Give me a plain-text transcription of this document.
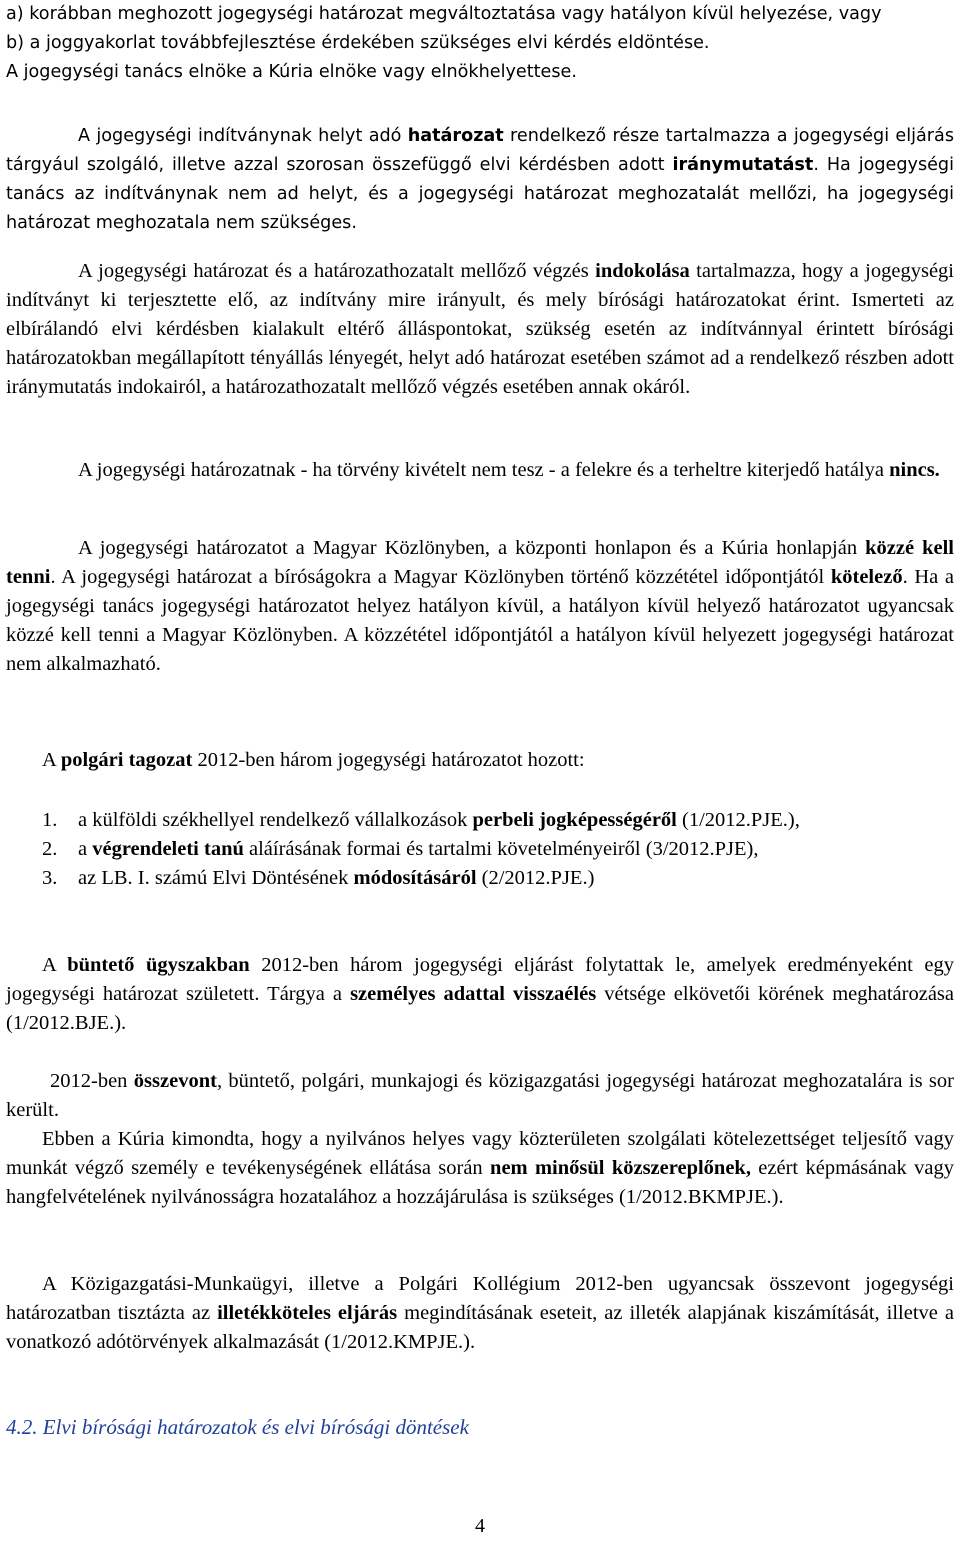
a) korábban meghozott jogegységi határozat megváltoztatása vagy hatályon kívül helyezése, vagy

b) a joggyakorlat továbbfejlesztése érdekében szükséges elvi kérdés eldöntése.

A jogegységi tanács elnöke a Kúria elnöke vagy elnökhelyettese.

A jogegységi indítványnak helyt adó határozat rendelkező része tartalmazza a jogegységi eljárás tárgyául szolgáló, illetve azzal szorosan összefüggő elvi kérdésben adott iránymutatást. Ha jogegységi tanács az indítványnak nem ad helyt, és a jogegységi határozat meghozatalát mellőzi, ha jogegységi határozat meghozatala nem szükséges.
A jogegységi határozat és a határozathozatalt mellőző végzés indokolása tartalmazza, hogy a jogegységi indítványt ki terjesztette elő, az indítvány mire irányult, és mely bírósági határozatokat érint. Ismerteti az elbírálandó elvi kérdésben kialakult eltérő álláspontokat, szükség esetén az indítvánnyal érintett bírósági határozatokban megállapított tényállás lényegét, helyt adó határozat esetében számot ad a rendelkező részben adott iránymutatás indokairól, a határozathozatalt mellőző végzés esetében annak okáról.
A jogegységi határozatnak - ha törvény kivételt nem tesz - a felekre és a terheltre kiterjedő hatálya nincs.
A jogegységi határozatot a Magyar Közlönyben, a központi honlapon és a Kúria honlapján közzé kell tenni. A jogegységi határozat a bíróságokra a Magyar Közlönyben történő közzététel időpontjától kötelező. Ha a jogegységi tanács jogegységi határozatot helyez hatályon kívül, a hatályon kívül helyező határozatot ugyancsak közzé kell tenni a Magyar Közlönyben. A közzététel időpontjától a hatályon kívül helyezett jogegységi határozat nem alkalmazható.
A polgári tagozat 2012-ben három jogegységi határozatot hozott:
1. a külföldi székhellyel rendelkező vállalkozások perbeli jogképességéről (1/2012.PJE.),
2. a végrendeleti tanú aláírásának formai és tartalmi követelményeiről (3/2012.PJE),
3. az LB. I. számú Elvi Döntésének módosításáról (2/2012.PJE.)
A büntető ügyszakban 2012-ben három jogegységi eljárást folytattak le, amelyek eredményeként egy jogegységi határozat született. Tárgya a személyes adattal visszaélés vétsége elkövetői körének meghatározása (1/2012.BJE.).
2012-ben összevont, büntető, polgári, munkajogi és közigazgatási jogegységi határozat meghozatalára is sor került.
Ebben a Kúria kimondta, hogy a nyilvános helyes vagy közterületen szolgálati kötelezettséget teljesítő vagy munkát végző személy e tevékenységének ellátása során nem minősül közszereplőnek, ezért képmásának vagy hangfelvételének nyilvánosságra hozatalához a hozzájárulása is szükséges (1/2012.BKMPJE.).
A Közigazgatási-Munkaügyi, illetve a Polgári Kollégium 2012-ben ugyancsak összevont jogegységi határozatban tisztázta az illetékköteles eljárás megindításának eseteit, az illeték alapjának kiszámítását, illetve a vonatkozó adótörvények alkalmazását (1/2012.KMPJE.).
4.2. Elvi bírósági határozatok és elvi bírósági döntések
4
